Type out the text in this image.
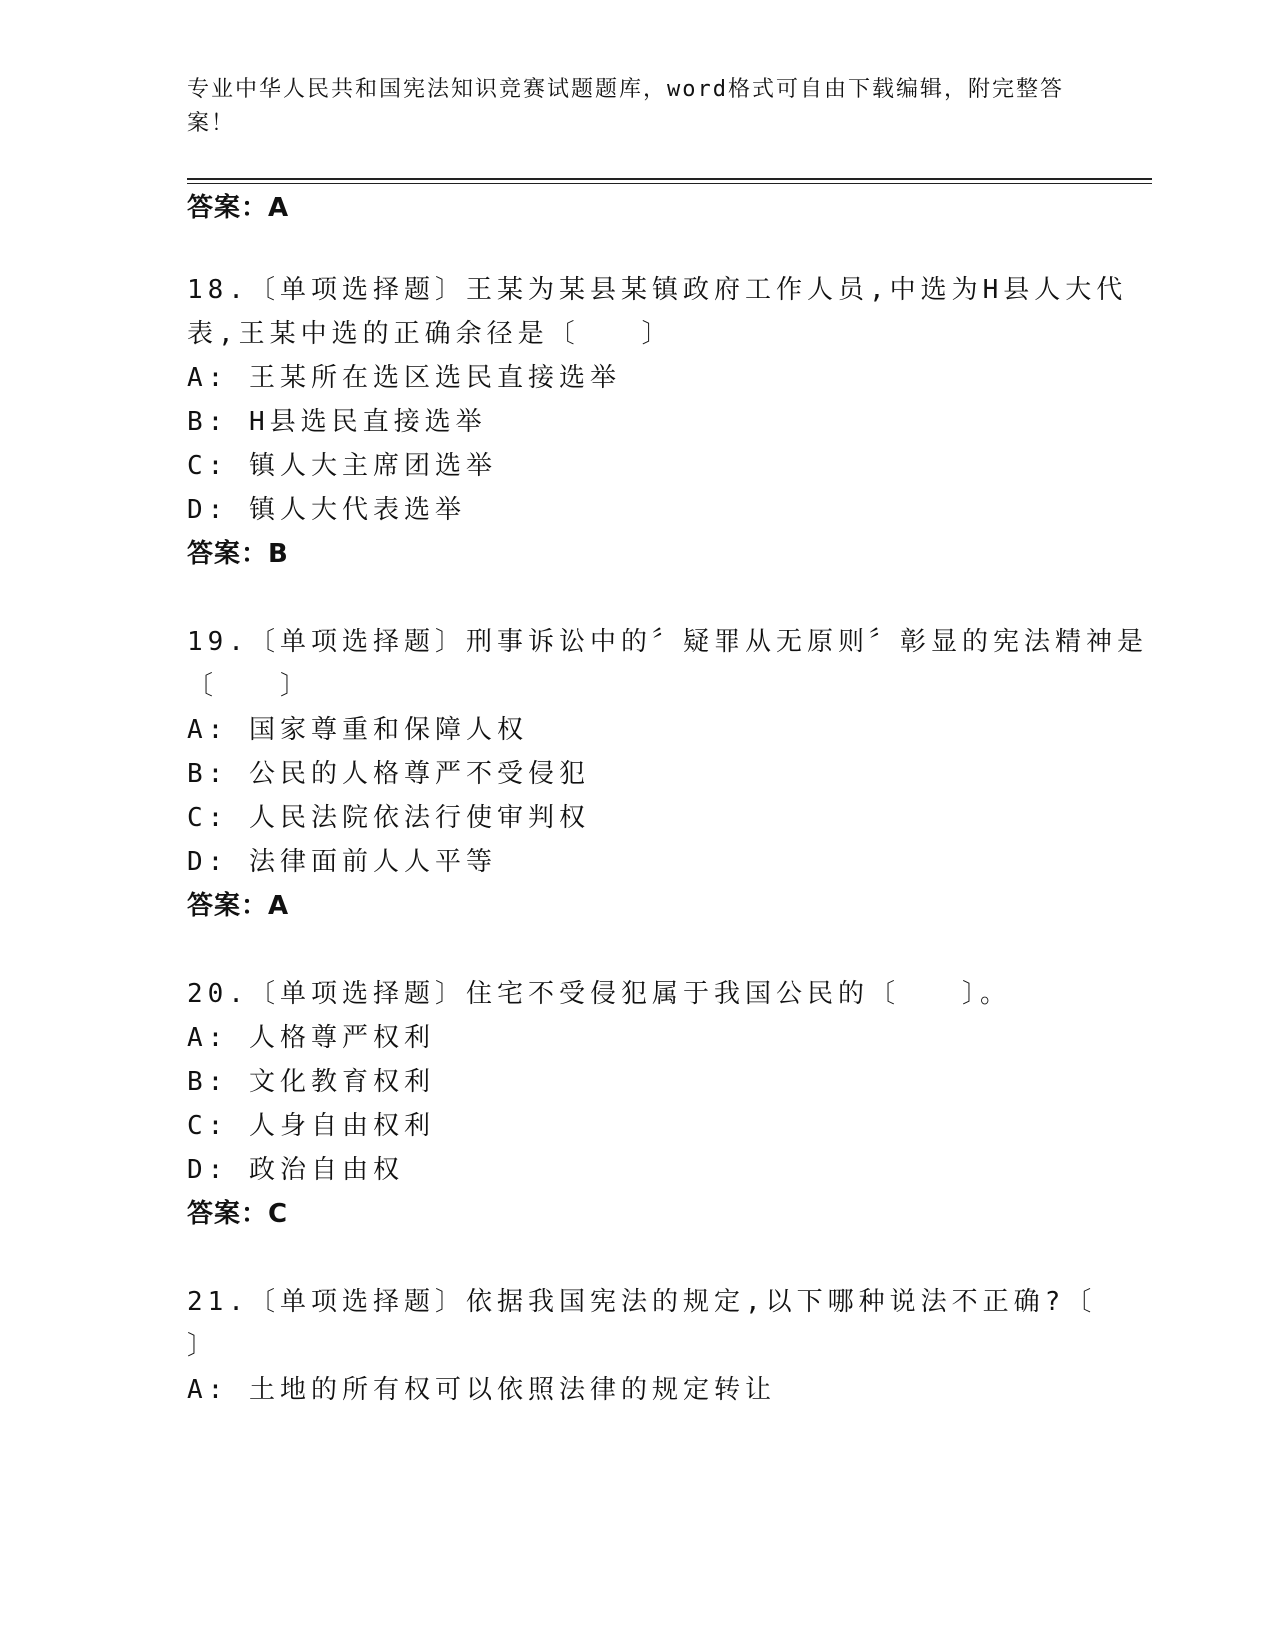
专业中华人民共和国宪法知识竞赛试题题库，word格式可自由下载编辑，附完整答案！
答案：A
18.〔单项选择题〕王某为某县某镇政府工作人员,中选为H县人大代
表,王某中选的正确余径是〔　　〕
A: 王某所在选区选民直接选举
B: H县选民直接选举
C: 镇人大主席团选举
D: 镇人大代表选举
答案：B
19.〔单项选择题〕刑事诉讼中的〞疑罪从无原则〞彰显的宪法精神是
〔　　〕
A: 国家尊重和保障人权
B: 公民的人格尊严不受侵犯
C: 人民法院依法行使审判权
D: 法律面前人人平等
答案：A
20.〔单项选择题〕住宅不受侵犯属于我国公民的〔　　〕。
A: 人格尊严权利
B: 文化教育权利
C: 人身自由权利
D: 政治自由权
答案：C
21.〔单项选择题〕依据我国宪法的规定,以下哪种说法不正确?〔
〕
A: 土地的所有权可以依照法律的规定转让
